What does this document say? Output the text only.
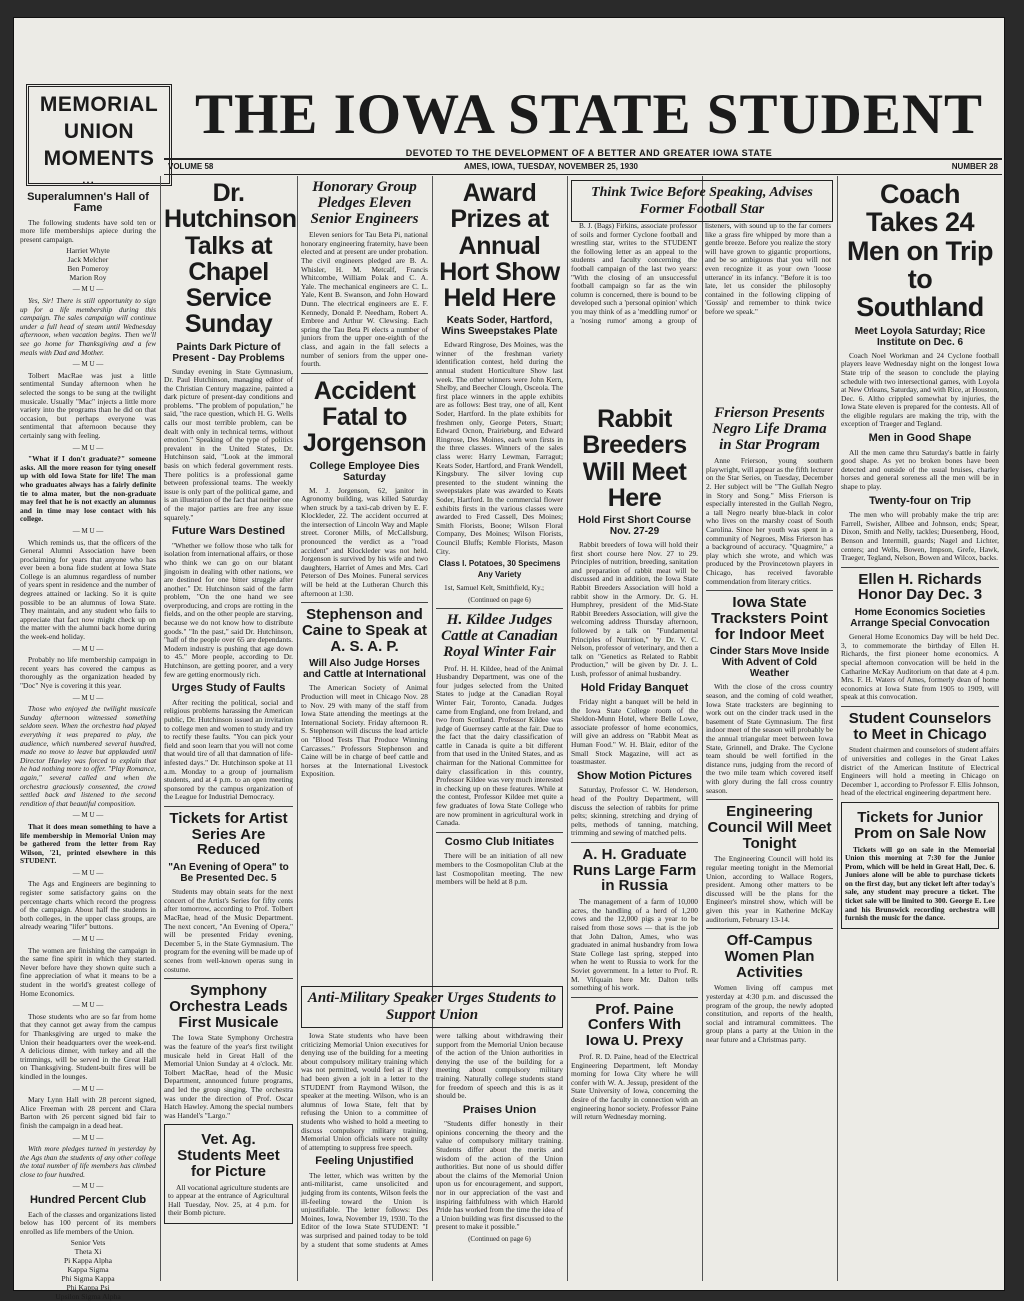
MEMORIAL
UNION
MOMENTS
THE IOWA STATE STUDENT
DEVOTED TO THE DEVELOPMENT OF A BETTER AND GREATER IOWA STATE
VOLUME 58	AMES, IOWA, TUESDAY, NOVEMBER 25, 1930	NUMBER 28
• • •
Superalumnen's Hall of Fame

The following students have sold ten or more life memberships apiece during the present campaign.

Harriet Whyte
Jack Melcher
Ben Pomeroy
Marion Roy
— M U —

Yes, Sir! There is still opportunity to sign up for a life membership during this campaign. The sales campaign will continue under a full head of steam until Wednesday afternoon, when vacation begins. Then we'll see go home for Thanksgiving and a few meals with Dad and Mother.

— M U —

Tolbert MacRae was just a little sentimental Sunday afternoon when he selected the songs to be sung at the twilight musicale. Usually "Mac" injects a little more variety into the programs than he did on that occasion, but perhaps everyone was sentimental that afternoon because they certainly sang with feeling.

— M U —

"What if I don't graduate?" someone asks. All the more reason for tying oneself up with old Iowa State for life! The man who graduates always has a fairly definite tie to alma mater, but the non-graduate may feel that he is not exactly an alumnus and in time may lose contact with his college.

— M U —

Which reminds us, that the officers of the General Alumni Association have been proclaiming for years that anyone who has ever been a bona fide student at Iowa State College is an alumnus regardless of number of years spent in residence and the number of degrees attained or lacking. So it is quite possible to be an alumnus of Iowa State. They maintain, and any student who fails to appreciate that fact now might check up on the matter with the alumni back home during the week-end holiday.

— M U —

Probably no life membership campaign in recent years has covered the campus as thoroughly as the organization headed by "Doc" Nye is covering it this year.

— M U —

Those who enjoyed the twilight musicale Sunday afternoon witnessed something seldom seen. When the orchestra had played everything it was prepared to play, the audience, which numbered several hundred, made no move to leave but applauded until Director Hawley was forced to explain that he had nothing more to offer. "Play Romance, again," several called and when the orchestra graciously consented, the crowd settled back and listened to the second rendition of that beautiful composition.

— M U —

That it does mean something to have a life membership in Memorial Union may be gathered from the letter from Ray Wilson, '21, printed elsewhere in this STUDENT.

— M U —

The Ags and Engineers are beginning to register some satisfactory gains on the percentage charts which record the progress of the campaign. About half the students in both colleges, in the upper class groups, are already wearing "lifer" buttons.

— M U —

The women are finishing the campaign in the same fine spirit in which they started. Never before have they shown quite such a fine appreciation of what it means to be a student in the world's greatest college of Home Economics.

— M U —

Those students who are so far from home that they cannot get away from the campus for Thanksgiving are urged to make the Union their headquarters over the week-end. A delicious dinner, with turkey and all the trimmings, will be served in the Great Hall on Thanksgiving. Student-built fires will be kindled in the lounges.

— M U —

Mary Lynn Hall with 28 percent signed, Alice Freeman with 28 percent and Clara Barton with 26 percent signed bid fair to finish the campaign in a dead heat.

— M U —

With more pledges turned in yesterday by the Ags than the students of any other college the total number of life members has climbed close to four hundred.

— M U —
Hundred Percent Club

Each of the classes and organizations listed below has 100 percent of its members enrolled as life members of the Union.

Senior Vets
Theta Xi
Pi Kappa Alpha
Kappa Sigma
Phi Sigma Kappa
Phi Kappa Psi
Upsilon Sigma Alpha
Dr. Hutchinson Talks at Chapel Service Sunday
Paints Dark Picture of Present - Day Problems

Sunday evening in State Gymnasium, Dr. Paul Hutchinson, managing editor of the Christian Century magazine, painted a dark picture of present-day conditions and problems. "The problem of population," he said, "the race question, which H. G. Wells calls our most terrible problem, can be dealt with only in technical terms, without emotion." Speaking of the type of politics prevalent in the United States, Dr. Hutchinson said, "Look at the immoral basis on which federal government rests. There politics is a professional game between professional teams. The weekly issue is only part of the political game, and is an illustration of the fact that neither one of the major parties are free any issue squarely."

Future Wars Destined

"Whether we follow those who talk for isolation from international affairs, or those who think we can go on our blatant jingoism in dealing with other nations, we are destined for one bitter struggle after another." Dr. Hutchinson said of the farm problem, "On the one hand we see overproducing, and crops are rotting in the fields, and on the other people are starving, because we do not know how to distribute goods." "In the past," said Dr. Hutchinson, "half of the people over 65 are dependants. Modern industry is pushing that age down to 45." More people, according to Dr. Hutchinson, are getting poorer, and a very few are getting enormously rich.

Urges Study of Faults

After reciting the political, social and religious problems harassing the American public, Dr. Hutchinson issued an invitation to college men and women to study and try to rectify these faults. "You can pick your field and soon learn that you will not come that would tire of all that damnation of life-infested days." Dr. Hutchinson spoke at 11 a.m. Monday to a group of journalism students, and at 4 p.m. to an open meeting sponsored by the campus organization of the League for Industrial Democracy.

Tickets for Artist Series Are Reduced
"An Evening of Opera" to Be Presented Dec. 5

Students may obtain seats for the next concert of the Artist's Series for fifty cents after tomorrow, according to Prof. Tolbert MacRae, head of the Music Department. The next concert, "An Evening of Opera," will be presented Friday evening, December 5, in the State Gymnasium. The program for the evening will be made up of scenes from well-known operas sung in costume.

Symphony Orchestra Leads First Musicale

The Iowa State Symphony Orchestra was the feature of the year's first twilight musicale held in Great Hall of the Memorial Union Sunday at 4 o'clock. Mr. Tolbert MacRae, head of the Music Department, announced future programs, and led the group singing. The orchestra was under the direction of Prof. Oscar Hatch Hawley. Among the special numbers was Handel's "Largo."

Vet. Ag. Students Meet for Picture

All vocational agriculture students are to appear at the entrance of Agricultural Hall Tuesday, Nov. 25, at 4 p.m. for their Bomb picture.

Honorary Group Pledges Eleven Senior Engineers

Eleven seniors for Tau Beta Pi, national honorary engineering fraternity, have been elected and at present are under probation. The civil engineers pledged are B. A. Whisler, H. M. Metcalf, Francis Whitcombe, William Polak and C. A. Yale. The mechanical engineers are C. L. Yale, Kent B. Swanson, and John Howard Dunn. The electrical engineers are E. F. Kennedy, Donald P. Needham, Robert A. Embree and Arthur W. Clewsing. Each spring the Tau Beta Pi elects a number of juniors from the upper one-eighth of the class, and again in the fall selects a number of seniors from the upper one-fourth.

Accident Fatal to Jorgenson
College Employee Dies Saturday

M. J. Jorgenson, 62, janitor in Agronomy building, was killed Saturday when struck by a taxi-cab driven by E. F. Klockleder, 22. The accident occurred at the intersection of Lincoln Way and Maple street. Coroner Mills, of McCallsburg, pronounced the verdict as a "road accident" and Klockleder was not held. Jorgenson is survived by his wife and two daughters, Harriet of Ames and Mrs. Carl Peterson of Des Moines. Funeral services will be held at the Lutheran Church this afternoon at 1:30.

Stephenson and Caine to Speak at A. S. A. P.
Will Also Judge Horses and Cattle at International

The American Society of Animal Production will meet in Chicago Nov. 28 to Nov. 29 with many of the staff from Iowa State attending the meetings at the International Society. Friday afternoon R. S. Stephenson will discuss the lead article on "Blood Tests That Produce Winning Carcasses." Professors Stephenson and Caine will be in charge of beef cattle and horses at the International Livestock Exposition.

Award Prizes at Annual Hort Show Held Here
Keats Soder, Hartford, Wins Sweepstakes Plate

Edward Ringrose, Des Moines, was the winner of the freshman variety identification contest, held during the annual student Horticulture Show last week. The other winners were John Kern, Shelby, and Beecher Clough, Osceola. The first place winners in the apple exhibits are as follows: Best tray, one of all, Kent Soder, Hartford. In the plate exhibits for freshmen only, George Peters, Stuart; Edward Ocnon, Prairieburg, and Edward Ringrose, Des Moines, each won firsts in the three classes. Winners of the sales class were: Harry Lewman, Farragut; Keats Soder, Hartford, and Frank Wendell, Kingsbury. The silver loving cup presented to the student winning the sweepstakes plate was awarded to Keats Soder, Hartford. In the commercial flower exhibits firsts in the various classes were awarded to Fred Cassell, Des Moines; Smith Florists, Boone; Wilson Floral Company, Des Moines; Wilson Florists, Council Bluffs; Kemble Florists, Mason City.

Class I. Potatoes, 30 Specimens Any Variety

1st, Samuel Kelt, Smithfield, Ky.;

(Continued on page 6)
H. Kildee Judges Cattle at Canadian Royal Winter Fair

Prof. H. H. Kildee, head of the Animal Husbandry Department, was one of the four judges selected from the United States to judge at the Canadian Royal Winter Fair, Toronto, Canada. Judges came from England, one from Ireland, and two from Scotland. Professor Kildee was judge of Guernsey cattle at the fair. Due to the fact that the dairy classification of cattle in Canada is quite a bit different from that used in the United States, and as chairman for the National Committee for dairy classification in this country, Professor Kildee was very much interested in checking up on these features. While at the contest, Professor Kildee met quite a few graduates of Iowa State College who are now prominent in agricultural work in Canada.

Cosmo Club Initiates

There will be an initiation of all new members to the Cosmopolitan Club at the last Cosmopolitan meeting. The new members will be held at 8 p.m.

Anti-Military Speaker Urges Students to Support Union

Iowa State students who have been criticizing Memorial Union executives for denying use of the building for a meeting about compulsory military training which was not permitted, would feel as if they had been given a jolt in a letter to the STUDENT from Raymond Wilson, the speaker at the meeting. Wilson, who is an alumnus of Iowa State, felt that by refusing the Union to a committee of students who wished to hold a meeting to discuss compulsory military training, Memorial Union officials were not guilty of attempting to suppress free speech.

Feeling Unjustified

The letter, which was written by the anti-militarist, came unsolicited and judging from its contents, Wilson feels the ill-feeling toward the Union is unjustifiable. The letter follows: Des Moines, Iowa, November 19, 1930. To the Editor of the Iowa State STUDENT: "I was surprised and pained today to be told by a student that some students at Ames were talking about withdrawing their support from the Memorial Union because of the action of the Union authorities in denying the use of the building for a meeting about compulsory military training. Naturally college students stand for freedom of speech and this is as it should be.

Praises Union

"Students differ honestly in their opinions concerning the theory and the value of compulsory military training. Students differ about the merits and wisdom of the action of the Union authorities. But none of us should differ about the claims of the Memorial Union upon us for encouragement, and support, nor in our appreciation of the vast and inspiring faithfulness with which Harold Pride has worked from the time the idea of a Union building was first discussed to the present to make it possible."

(Continued on page 6)
Think Twice Before Speaking, Advises Former Football Star

B. J. (Bags) Firkins, associate professor of soils and former Cyclone football and wrestling star, writes to the STUDENT the following letter as an appeal to the students and faculty concerning the football campaign of the last two years: "With the closing of an unsuccessful football campaign so far as the win column is concerned, there is bound to be developed such a 'personal opinion' which you may think of as a 'meddling rumor' or a 'nosing rumor' among a group of listeners, with sound up to the far corners like a grass fire whipped by more than a gentle breeze. Before you realize the story will have grown to gigantic proportions, and be so ambiguous that you will not even recognize it as your own 'loose utterance' in its infancy. "Before it is too late, let us consider the philosophy contained in the following clipping of 'Gossip' and remember to think twice before we speak."

Rabbit Breeders Will Meet Here
Hold First Short Course Nov. 27-29

Rabbit breeders of Iowa will hold their first short course here Nov. 27 to 29. Principles of nutrition, breeding, sanitation and preparation of rabbit meat will be discussed and in addition, the Iowa State Rabbit Breeders Association will hold a rabbit show in the Armory. Dr. G. H. Humphrey, president of the Mid-State Rabbit Breeders Association, will give the welcoming address Thursday afternoon, followed by a talk on "Fundamental Principles of Nutrition," by Dr. V. C. Nelson, professor of veterinary, and then a talk on "Genetics as Related to Rabbit Production," will be given by Dr. J. L. Lush, professor of animal husbandry.

Hold Friday Banquet

Friday night a banquet will be held in the Iowa State College room of the Sheldon-Munn Hotel, where Belle Lowe, associate professor of home economics, will give an address on "Rabbit Meat as Human Food." W. H. Blair, editor of the Small Stock Magazine, will act as toastmaster.

Show Motion Pictures

Saturday, Professor C. W. Henderson, head of the Poultry Department, will discuss the selection of rabbits for prime pelts; skinning, stretching and drying of pelts, methods of tanning, matching, trimming and sewing of matched pelts.

A. H. Graduate Runs Large Farm in Russia

The management of a farm of 10,000 acres, the handling of a herd of 1,200 cows and the 12,000 pigs a year to be raised from those sows — that is the job that John Dalton, Ames, who was graduated in animal husbandry from Iowa State College last spring, stepped into when he went to Russia to work for the Soviet government. In a letter to Prof. R. M. Vifquain here Mr. Dalton tells something of his work.

Prof. Paine Confers With Iowa U. Prexy

Prof. R. D. Paine, head of the Electrical Engineering Department, left Monday morning for Iowa City where he will confer with W. A. Jessup, president of the State University of Iowa, concerning the desire of the faculty in connection with an engineering honor society. Professor Paine will return Wednesday morning.

Frierson Presents Negro Life Drama in Star Program

Anne Frierson, young southern playwright, will appear as the fifth lecturer on the Star Series, on Tuesday, December 2. Her subject will be "The Gullah Negro in Story and Song." Miss Frierson is especially interested in the Gullah Negro, a tall Negro nearly blue-black in color who lives on the marshy coast of South Carolina. Since her youth was spent in a community of Negroes, Miss Frierson has a background of accuracy. "Quagmire," a play which she wrote, and which was produced by the Provincetown players in Chicago, has received favorable commendation from literary critics.

Iowa State Tracksters Point for Indoor Meet
Cinder Stars Move Inside With Advent of Cold Weather

With the close of the cross country season, and the coming of cold weather, Iowa State tracksters are beginning to work out on the cinder track used in the basement of State Gymnasium. The first indoor meet of the season will probably be the annual triangular meet between Iowa State, Grinnell, and Drake. The Cyclone team should be well fortified in the distance runs, judging from the record of the two mile team which covered itself with glory during the fall cross country season.

Engineering Council Will Meet Tonight

The Engineering Council will hold its regular meeting tonight in the Memorial Union, according to Wallace Rogers, president. Among other matters to be discussed will be the plans for the Engineer's minstrel show, which will be given this year in Katherine McKay auditorium, February 13-14.

Off-Campus Women Plan Activities

Women living off campus met yesterday at 4:30 p.m. and discussed the program of the group, the newly adopted constitution, and reports of the health, social and intramural committees. The group plans a party at the Union in the near future and a Christmas party.

Coach Takes 24 Men on Trip to Southland
Meet Loyola Saturday; Rice Institute on Dec. 6

Coach Noel Workman and 24 Cyclone football players leave Wednesday night on the longest Iowa State trip of the season to conclude the playing schedule with two intersectional games, with Loyola at New Orleans, Saturday, and with Rice, at Houston, Dec. 6. Altho crippled somewhat by injuries, the Iowa State eleven is prepared for the contests. All of the eligible regulars are making the trip, with the exception of Traeger and Tegland.

Men in Good Shape

All the men came thru Saturday's battle in fairly good shape. As yet no broken bones have been detected and outside of the usual bruises, charley horses and general soreness all the men will be in shape to play.

Twenty-four on Trip

The men who will probably make the trip are: Farrell, Swisher, Allbee and Johnson, ends; Spear, Dixon, Smith and Nelly, tackles; Duesenberg, Hood, Benson and Intermill, guards; Nagel and Lichter, centers; and Wells, Bowen, Impson, Grefe, Hawk, Traeger, Tegland, Nelson, Bowen and Wilcox, backs.

Ellen H. Richards Honor Day Dec. 3
Home Economics Societies Arrange Special Convocation

General Home Economics Day will be held Dec. 3, to commemorate the birthday of Ellen H. Richards, the first pioneer home economics. A special afternoon convocation will be held in the Catharine McKay Auditorium on that date at 4 p.m. Mrs. F. H. Waters of Ames, formerly dean of home economics at Iowa State from 1905 to 1909, will speak at this convocation.

Student Counselors to Meet in Chicago

Student chairmen and counselors of student affairs of universities and colleges in the Great Lakes district of the American Institute of Electrical Engineers will hold a meeting in Chicago on December 1, according to Professor F. Ellis Johnson, head of the electrical engineering department here.

Tickets for Junior Prom on Sale Now

Tickets will go on sale in the Memorial Union this morning at 7:30 for the Junior Prom, which will be held in Great Hall, Dec. 6. Juniors alone will be able to purchase tickets on the first day, but any ticket left after today's sale, any student may procure a ticket. The ticket sale will be limited to 300. George E. Lee and his Brunswick recording orchestra will furnish the music for the dance.
